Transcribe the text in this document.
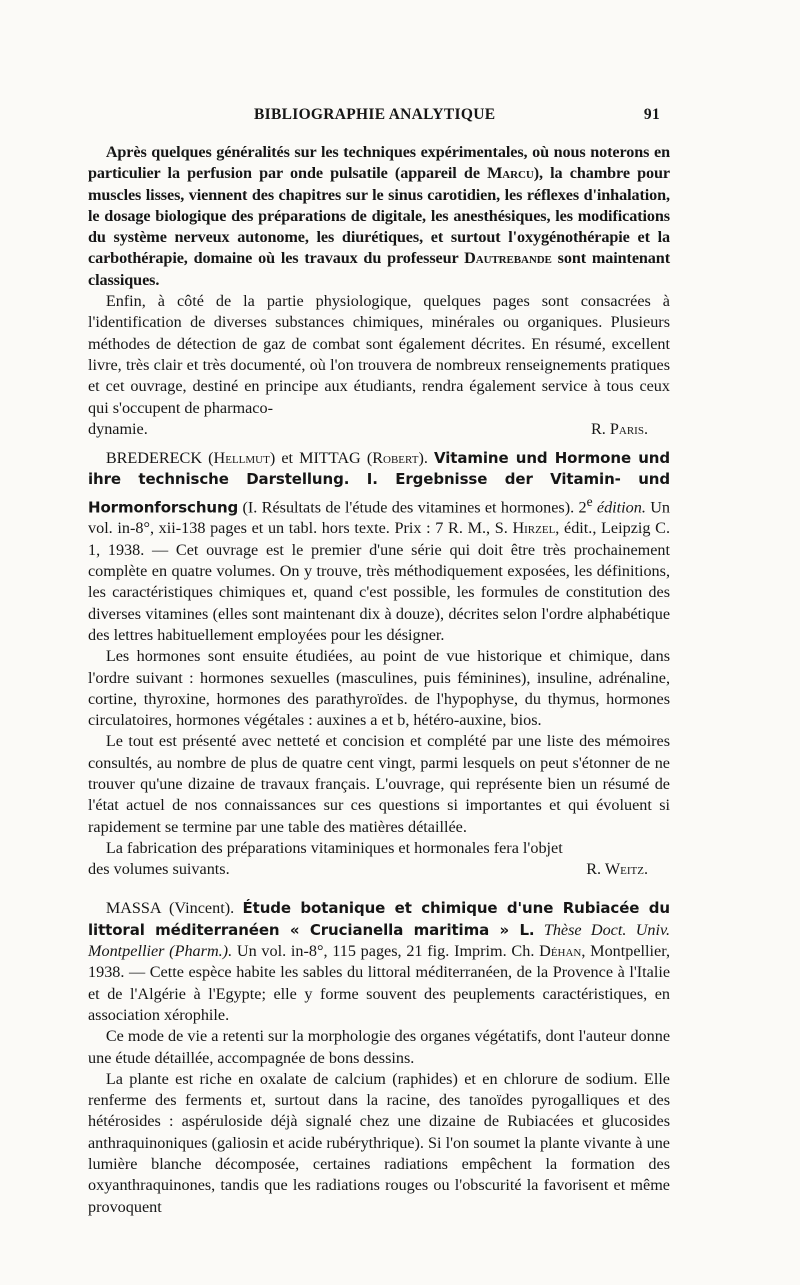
BIBLIOGRAPHIE ANALYTIQUE	91

Après quelques généralités sur les techniques expérimentales, où nous noterons en particulier la perfusion par onde pulsatile (appareil de Marcu), la chambre pour muscles lisses, viennent des chapitres sur le sinus carotidien, les réflexes d'inhalation, le dosage biologique des préparations de digitale, les anesthésiques, les modifications du système nerveux autonome, les diurétiques, et surtout l'oxygénothérapie et la carbothérapie, domaine où les travaux du professeur Dautrebande sont maintenant classiques.

Enfin, à côté de la partie physiologique, quelques pages sont consacrées à l'identification de diverses substances chimiques, minérales ou organiques. Plusieurs méthodes de détection de gaz de combat sont également décrites. En résumé, excellent livre, très clair et très documenté, où l'on trouvera de nombreux renseignements pratiques et cet ouvrage, destiné en principe aux étudiants, rendra également service à tous ceux qui s'occupent de pharmaco-

dynamie.	R. Paris.

BREDERECK (Hellmut) et MITTAG (Robert). Vitamine und Hormone und ihre technische Darstellung. I. Ergebnisse der Vitamin- und Hormonforschung (I. Résultats de l'étude des vitamines et hormones). 2e édition. Un vol. in-8°, xii-138 pages et un tabl. hors texte. Prix : 7 R. M., S. Hirzel, édit., Leipzig C. 1, 1938. — Cet ouvrage est le premier d'une série qui doit être très prochainement complète en quatre volumes. On y trouve, très méthodiquement exposées, les définitions, les caractéristiques chimiques et, quand c'est possible, les formules de constitution des diverses vitamines (elles sont maintenant dix à douze), décrites selon l'ordre alphabétique des lettres habituellement employées pour les désigner.

Les hormones sont ensuite étudiées, au point de vue historique et chimique, dans l'ordre suivant : hormones sexuelles (masculines, puis féminines), insuline, adrénaline, cortine, thyroxine, hormones des parathyroïdes. de l'hypophyse, du thymus, hormones circulatoires, hormones végétales : auxines a et b, hétéro-auxine, bios.

Le tout est présenté avec netteté et concision et complété par une liste des mémoires consultés, au nombre de plus de quatre cent vingt, parmi lesquels on peut s'étonner de ne trouver qu'une dizaine de travaux français. L'ouvrage, qui représente bien un résumé de l'état actuel de nos connaissances sur ces questions si importantes et qui évoluent si rapidement se termine par une table des matières détaillée.

La fabrication des préparations vitaminiques et hormonales fera l'objet

des volumes suivants.	R. Weitz.

MASSA (Vincent). Étude botanique et chimique d'une Rubiacée du littoral méditerranéen « Crucianella maritima » L. Thèse Doct. Univ. Montpellier (Pharm.). Un vol. in-8°, 115 pages, 21 fig. Imprim. Ch. Déhan, Montpellier, 1938. — Cette espèce habite les sables du littoral méditerranéen, de la Provence à l'Italie et de l'Algérie à l'Egypte; elle y forme souvent des peuplements caractéristiques, en association xérophile.

Ce mode de vie a retenti sur la morphologie des organes végétatifs, dont l'auteur donne une étude détaillée, accompagnée de bons dessins.

La plante est riche en oxalate de calcium (raphides) et en chlorure de sodium. Elle renferme des ferments et, surtout dans la racine, des tanoïdes pyrogalliques et des hétérosides : aspéruloside déjà signalé chez une dizaine de Rubiacées et glucosides anthraquinoniques (galiosin et acide rubérythrique). Si l'on soumet la plante vivante à une lumière blanche décomposée, certaines radiations empêchent la formation des oxyanthraquinones, tandis que les radiations rouges ou l'obscurité la favorisent et même provoquent
